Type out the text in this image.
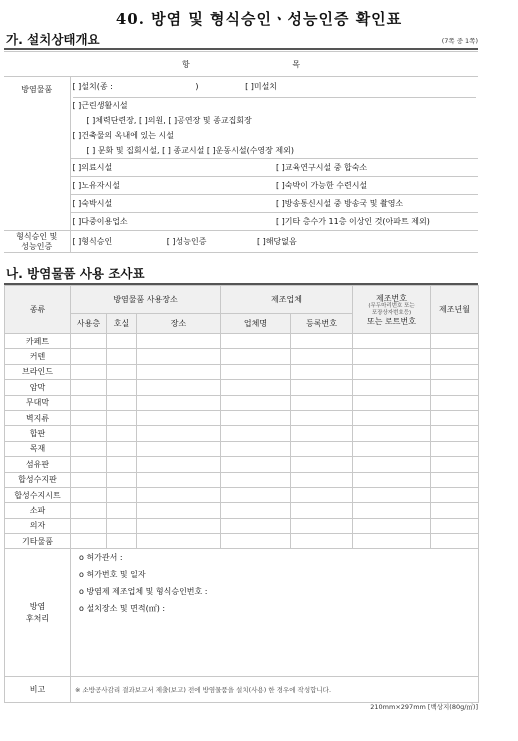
40. 방염 및 형식승인ㆍ성능인증 확인표
가. 설치상태개요	(7쪽 중 1쪽)
항 목		

	[ ]설치(종 : ) [ ]미설치
[ ]근린생활시설
[ ]체력단련장, [ ]의원, [ ]공연장 및 종교집회장
[ ]건축물의 옥내에 있는 시설
[ ] 문화 및 집회시설, [ ] 종교시설 [ ]운동시설(수영장 제외)	

방염물품	[ ]의료시설	[ ]교육연구시설 중 합숙소
	[ ]노유자시설	[ ]숙박이 가능한 수련시설
	[ ]숙박시설	[ ]방송통신시설 중 방송국 및 촬영소
	[ ]다중이용업소	[ ]기타 층수가 11층 이상인 것(아파트 제외)

형식승인 및
성능인증	[ ]형식승인 [ ]성능인증 [ ]해당없음	
나. 방염물품 사용 조사표
종류	방염물품 사용장소			제조업체		제조번호
(무두마리번호 또는
포장상자번호등)
또는 로트번호	제조년월
	사용층	호실	장소	업체명	등록번호		
카페트							
커텐							
브라인드							
암막							
무대막							
벽지류							
합판							
목재							
섬유판							
합성수지판							
합성수지시트							
소파							
의자							
기타물품							

방염
후처리	o 허가관서 :
o 허가번호 및 일자
o 방염제 제조업체 및 형식승인번호 :
o 설치장소 및 면적(㎡) :						

비고	※ 소방공사감리 결과보고서 제출(보고) 전에 방염물품을 설치(사용) 한 경우에 작성합니다.						
210mm×297mm [백상지(80g/㎡)]
